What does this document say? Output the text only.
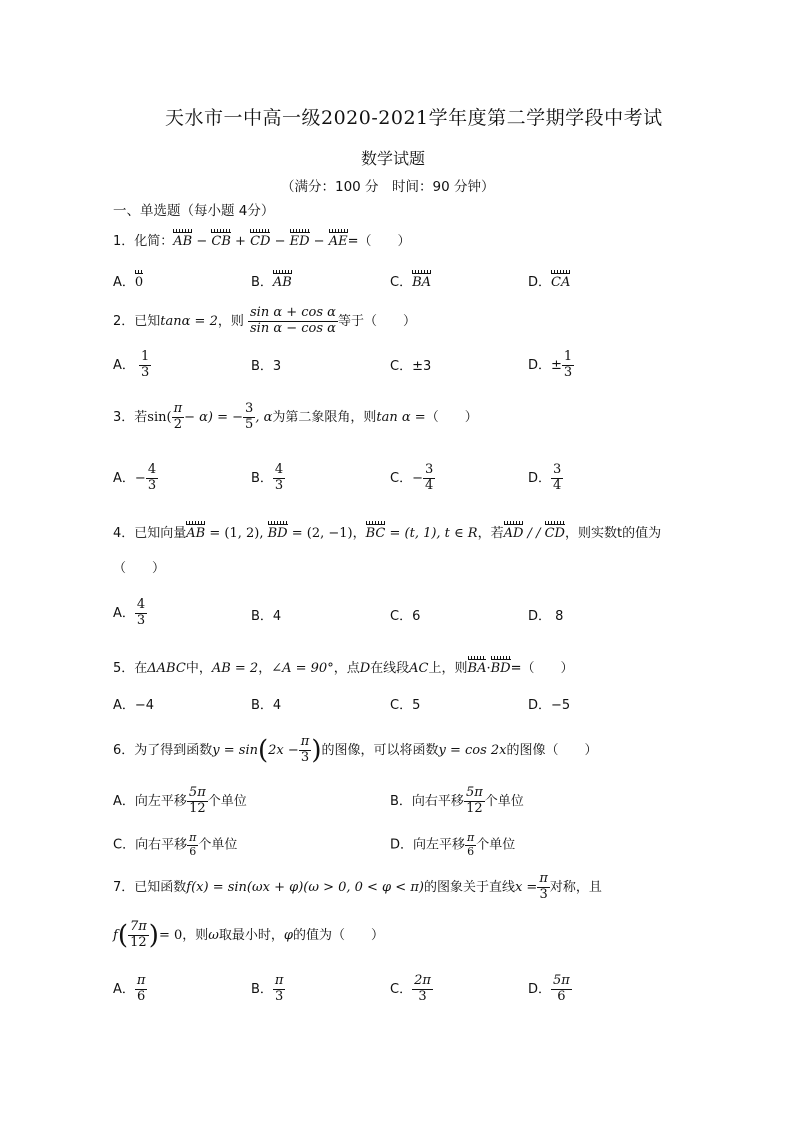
天水市一中高一级2020-2021学年度第二学期学段中考试
数学试题
（满分：100 分　时间：90 分钟）
一、单选题（每小题 4分）
1．化简：AB − CB + CD − ED − AE=（　　）
A．0	B．AB	C．BA	D．CA
2．已知tanα = 2，则 $\frac{\text{sin α + cos α}}{\text{sin α − cos α}}$ 等于（　　）
A． $\frac{1}{3}$	B．3	C．±3	D．± $\frac{1}{3}$
3．若$\sin( \frac{\pi}{2} - \alpha)$ = − $\frac{3}{5}$ , α为第二象限角，则tan α =（　　）
A．− $\frac{4}{3}$	B． $\frac{4}{3}$	C．− $\frac{3}{4}$	D． $\frac{3}{4}$
4．已知向量AB = (1, 2), BD = (2, −1)，BC = (t, 1), t ∈ R，若AD / / CD，则实数t的值为
（　　）
A． $\frac{4}{3}$	B．4	C．6	D． 8
5．在ΔABC中，AB = 2，∠A = 90°，点D在线段AC上，则BA·BD=（　　）
A．−4	B．4	C．5	D．−5
6．为了得到函数$y = \sin(2x - \frac{\pi}{3}$ )的图像，可以将函数y = cos 2x的图像（　　）
A．向左平移 $\frac{5\pi}{12}$ 个单位	B．向右平移 $\frac{5\pi}{12}$ 个单位
C．向右平移 $\frac{\pi}{6}$ 个单位	D．向左平移 $\frac{\pi}{6}$ 个单位
7．已知函数f(x) = sin(ωx + φ)(ω > 0, 0 < φ < π)的图象关于直线$x = \frac{\pi}{3}$ 对称，且
$f( \frac{7\pi}{12}$ )= 0，则ω取最小时，φ的值为（　　）
A． $\frac{\pi}{6}$	B． $\frac{\pi}{3}$	C． $\frac{2\pi}{3}$	D． $\frac{5\pi}{6}$
